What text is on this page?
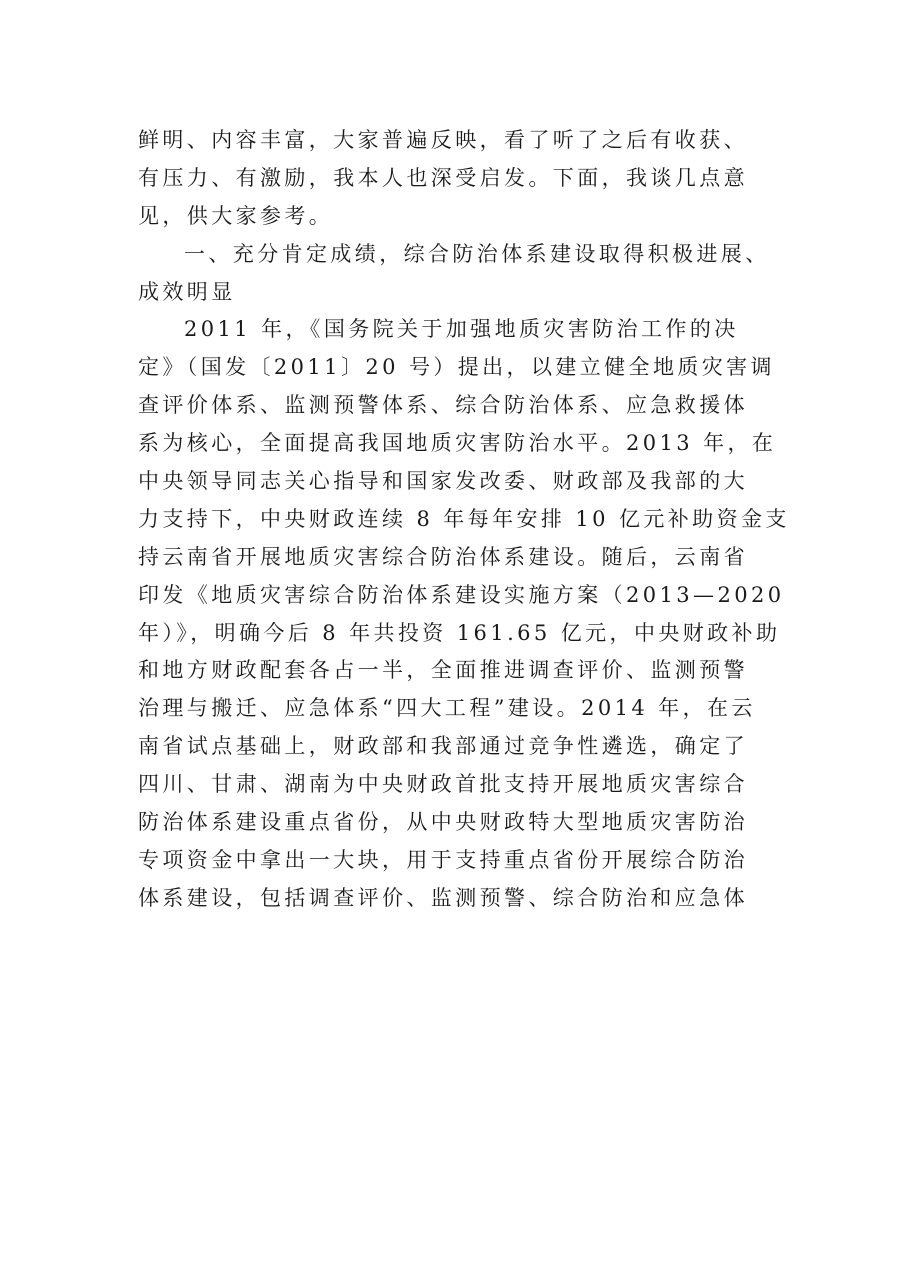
鲜明、内容丰富，大家普遍反映，看了听了之后有收获、
有压力、有激励，我本人也深受启发。下面，我谈几点意
见，供大家参考。
一、充分肯定成绩，综合防治体系建设取得积极进展、
成效明显
2011 年，《国务院关于加强地质灾害防治工作的决
定》（国发〔2011〕20 号）提出，以建立健全地质灾害调
查评价体系、监测预警体系、综合防治体系、应急救援体
系为核心，全面提高我国地质灾害防治水平。2013 年，在
中央领导同志关心指导和国家发改委、财政部及我部的大
力支持下，中央财政连续 8 年每年安排 10 亿元补助资金支
持云南省开展地质灾害综合防治体系建设。随后，云南省
印发《地质灾害综合防治体系建设实施方案（2013—2020
年）》，明确今后 8 年共投资 161.65 亿元，中央财政补助
和地方财政配套各占一半，全面推进调查评价、监测预警
治理与搬迁、应急体系“四大工程”建设。2014 年，在云
南省试点基础上，财政部和我部通过竞争性遴选，确定了
四川、甘肃、湖南为中央财政首批支持开展地质灾害综合
防治体系建设重点省份，从中央财政特大型地质灾害防治
专项资金中拿出一大块，用于支持重点省份开展综合防治
体系建设，包括调查评价、监测预警、综合防治和应急体
